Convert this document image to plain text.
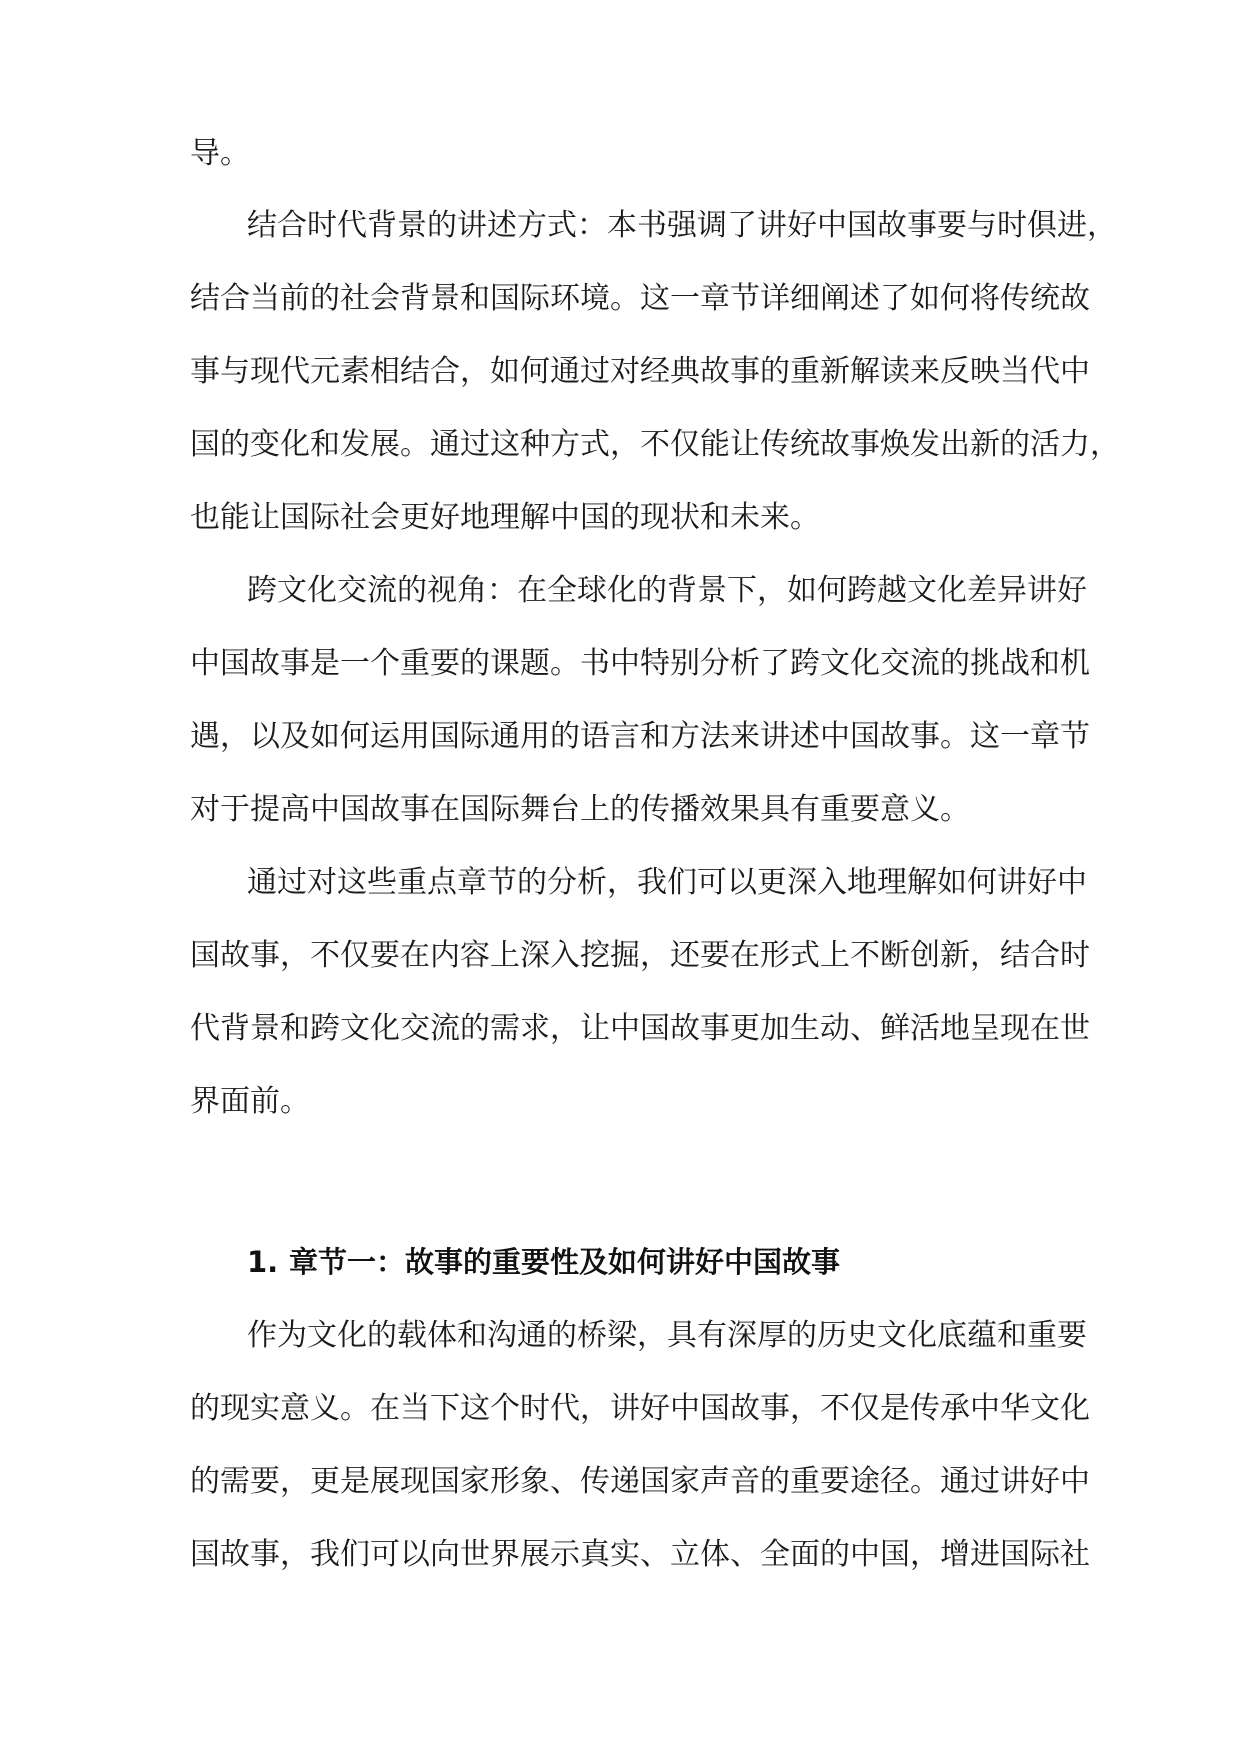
导。

结合时代背景的讲述方式：本书强调了讲好中国故事要与时俱进，

结合当前的社会背景和国际环境。这一章节详细阐述了如何将传统故

事与现代元素相结合，如何通过对经典故事的重新解读来反映当代中

国的变化和发展。通过这种方式，不仅能让传统故事焕发出新的活力，

也能让国际社会更好地理解中国的现状和未来。

跨文化交流的视角：在全球化的背景下，如何跨越文化差异讲好

中国故事是一个重要的课题。书中特别分析了跨文化交流的挑战和机

遇，以及如何运用国际通用的语言和方法来讲述中国故事。这一章节

对于提高中国故事在国际舞台上的传播效果具有重要意义。

通过对这些重点章节的分析，我们可以更深入地理解如何讲好中

国故事，不仅要在内容上深入挖掘，还要在形式上不断创新，结合时

代背景和跨文化交流的需求，让中国故事更加生动、鲜活地呈现在世

界面前。

1. 章节一：故事的重要性及如何讲好中国故事

作为文化的载体和沟通的桥梁，具有深厚的历史文化底蕴和重要

的现实意义。在当下这个时代，讲好中国故事，不仅是传承中华文化

的需要，更是展现国家形象、传递国家声音的重要途径。通过讲好中

国故事，我们可以向世界展示真实、立体、全面的中国，增进国际社
